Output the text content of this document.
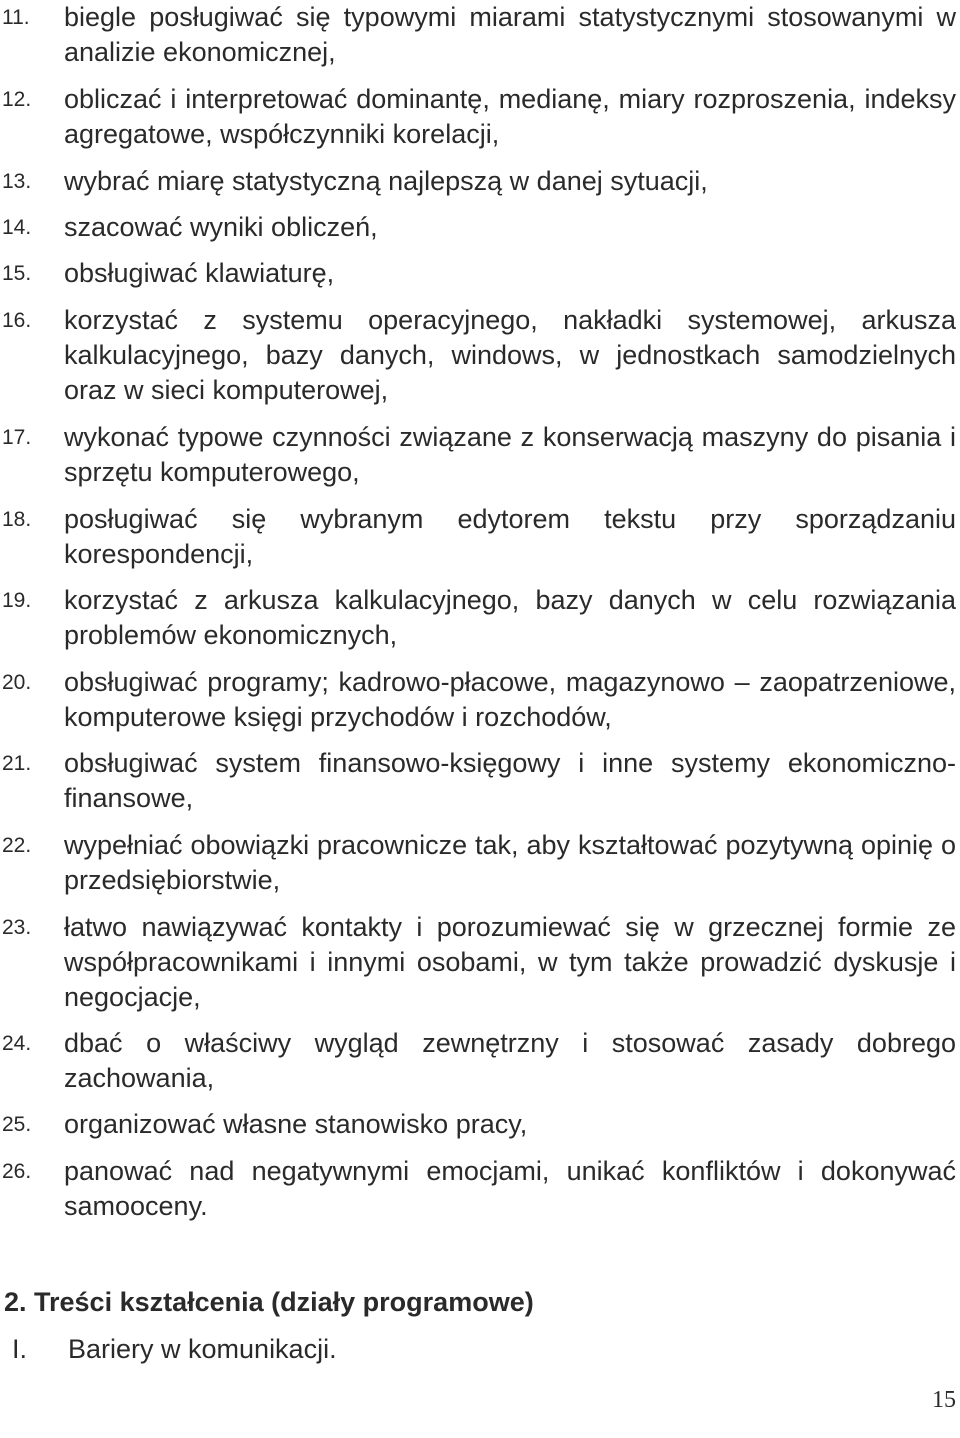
11. biegle posługiwać się typowymi miarami statystycznymi stosowanymi w analizie ekonomicznej,
12. obliczać i interpretować dominantę, medianę, miary rozproszenia, indeksy agregatowe, współczynniki korelacji,
13. wybrać miarę statystyczną najlepszą w danej sytuacji,
14. szacować wyniki obliczeń,
15. obsługiwać klawiaturę,
16. korzystać z systemu operacyjnego, nakładki systemowej, arkusza kalkulacyjnego, bazy danych, windows, w jednostkach samodzielnych oraz w sieci komputerowej,
17. wykonać typowe czynności związane z konserwacją maszyny do pisania i sprzętu komputerowego,
18. posługiwać się wybranym edytorem tekstu przy sporządzaniu korespondencji,
19. korzystać z arkusza kalkulacyjnego, bazy danych w celu rozwiązania problemów ekonomicznych,
20. obsługiwać programy; kadrowo-płacowe, magazynowo – zaopatrzeniowe, komputerowe księgi przychodów i rozchodów,
21. obsługiwać system finansowo-księgowy i inne systemy ekonomiczno-finansowe,
22. wypełniać obowiązki pracownicze tak, aby kształtować pozytywną opinię o przedsiębiorstwie,
23. łatwo nawiązywać kontakty i porozumiewać się w grzecznej formie ze współpracownikami i innymi osobami, w tym także prowadzić dyskusje i negocjacje,
24. dbać o właściwy wygląd zewnętrzny i stosować zasady dobrego zachowania,
25. organizować własne stanowisko pracy,
26. panować nad negatywnymi emocjami, unikać konfliktów i dokonywać samooceny.
2. Treści kształcenia (działy programowe)
I. Bariery w komunikacji.
15
